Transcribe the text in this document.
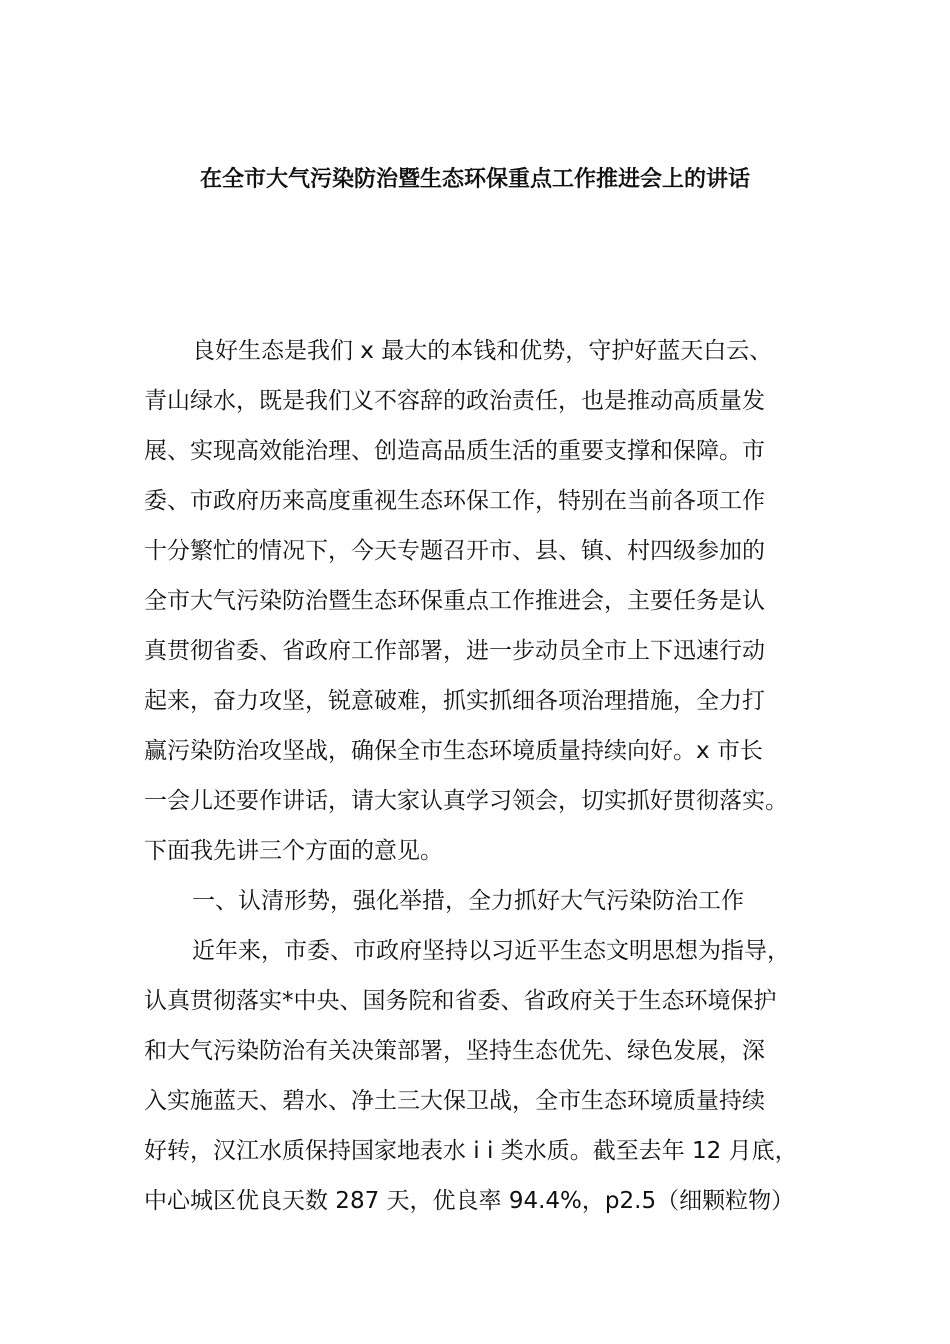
在全市大气污染防治暨生态环保重点工作推进会上的讲话
良好生态是我们 x 最大的本钱和优势，守护好蓝天白云、
青山绿水，既是我们义不容辞的政治责任，也是推动高质量发
展、实现高效能治理、创造高品质生活的重要支撑和保障。市
委、市政府历来高度重视生态环保工作，特别在当前各项工作
十分繁忙的情况下，今天专题召开市、县、镇、村四级参加的
全市大气污染防治暨生态环保重点工作推进会，主要任务是认
真贯彻省委、省政府工作部署，进一步动员全市上下迅速行动
起来，奋力攻坚，锐意破难，抓实抓细各项治理措施，全力打
赢污染防治攻坚战，确保全市生态环境质量持续向好。x 市长
一会儿还要作讲话，请大家认真学习领会，切实抓好贯彻落实。
下面我先讲三个方面的意见。
一、认清形势，强化举措，全力抓好大气污染防治工作
近年来，市委、市政府坚持以习近平生态文明思想为指导，
认真贯彻落实*中央、国务院和省委、省政府关于生态环境保护
和大气污染防治有关决策部署，坚持生态优先、绿色发展，深
入实施蓝天、碧水、净土三大保卫战，全市生态环境质量持续
好转，汉江水质保持国家地表水 i i 类水质。截至去年 12 月底，
中心城区优良天数 287 天，优良率 94.4%，p2.5（细颗粒物）
